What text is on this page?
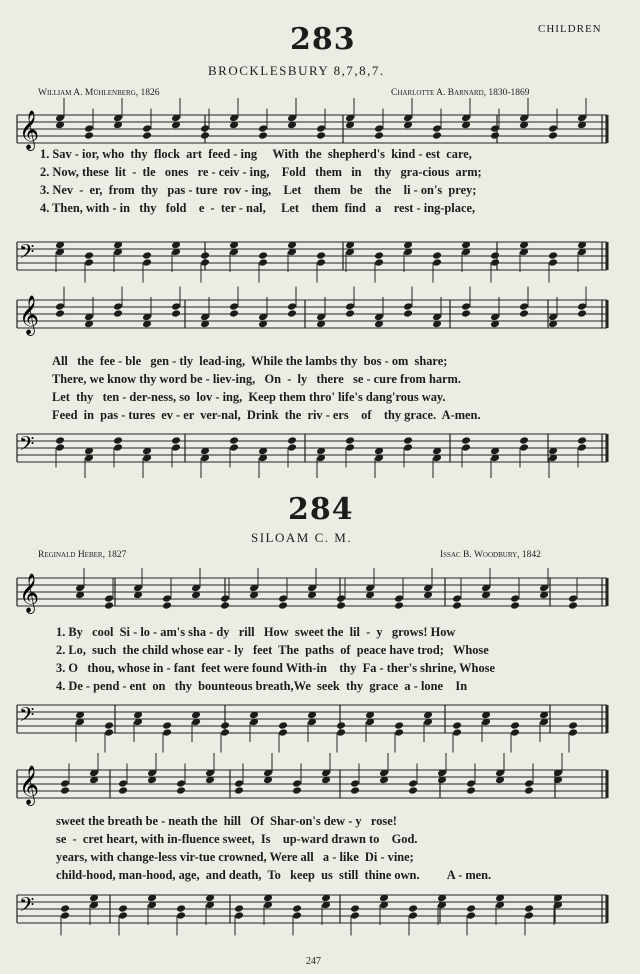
CHILDREN
283
BROCKLESBURY 8,7,8,7.
William A. Mühlenberg, 1826	Charlotte A. Barnard, 1830-1869
𝄞
1. Sav - ior, who  thy  flock  art  feed - ing     With  the  shepherd's  kind - est  care,
2. Now, these  lit  -  tle   ones   re - ceiv - ing,    Fold   them   in    thy   gra-cious  arm;
3. Nev  -  er,  from  thy   pas - ture  rov - ing,    Let    them   be    the    li - on's  prey;
4. Then, with - in   thy   fold    e  -  ter - nal,     Let    them  find   a    rest - ing-place,
𝄢
𝄞
All   the  fee - ble   gen - tly  lead-ing,  While the lambs thy  bos - om  share;
There, we know thy word be - liev-ing,   On  -  ly   there   se - cure from harm.
Let  thy   ten - der-ness, so  lov - ing,  Keep them thro' life's dang'rous way.
Feed  in  pas - tures  ev - er  ver-nal,  Drink  the  riv - ers    of    thy grace.  A-men.
𝄢
284
SILOAM C. M.
Reginald Heber, 1827	Issac B. Woodbury, 1842
𝄞
1. By   cool  Si - lo - am's sha - dy   rill   How  sweet the  lil  -  y   grows! How
2. Lo,  such  the child whose ear - ly   feet  The  paths  of  peace have trod;   Whose
3. O   thou, whose in - fant  feet were found With-in    thy  Fa - ther's shrine, Whose
4. De - pend - ent  on   thy  bounteous breath,We  seek  thy  grace  a - lone    In
𝄢
𝄞
sweet the breath be - neath the  hill   Of  Shar-on's dew - y   rose!
se  -  cret heart, with in-fluence sweet,  Is    up-ward drawn to    God.
years, with change-less vir-tue crowned, Were all   a - like  Di - vine;
child-hood, man-hood, age,  and death,  To   keep  us  still  thine own.         A - men.
𝄢
247
